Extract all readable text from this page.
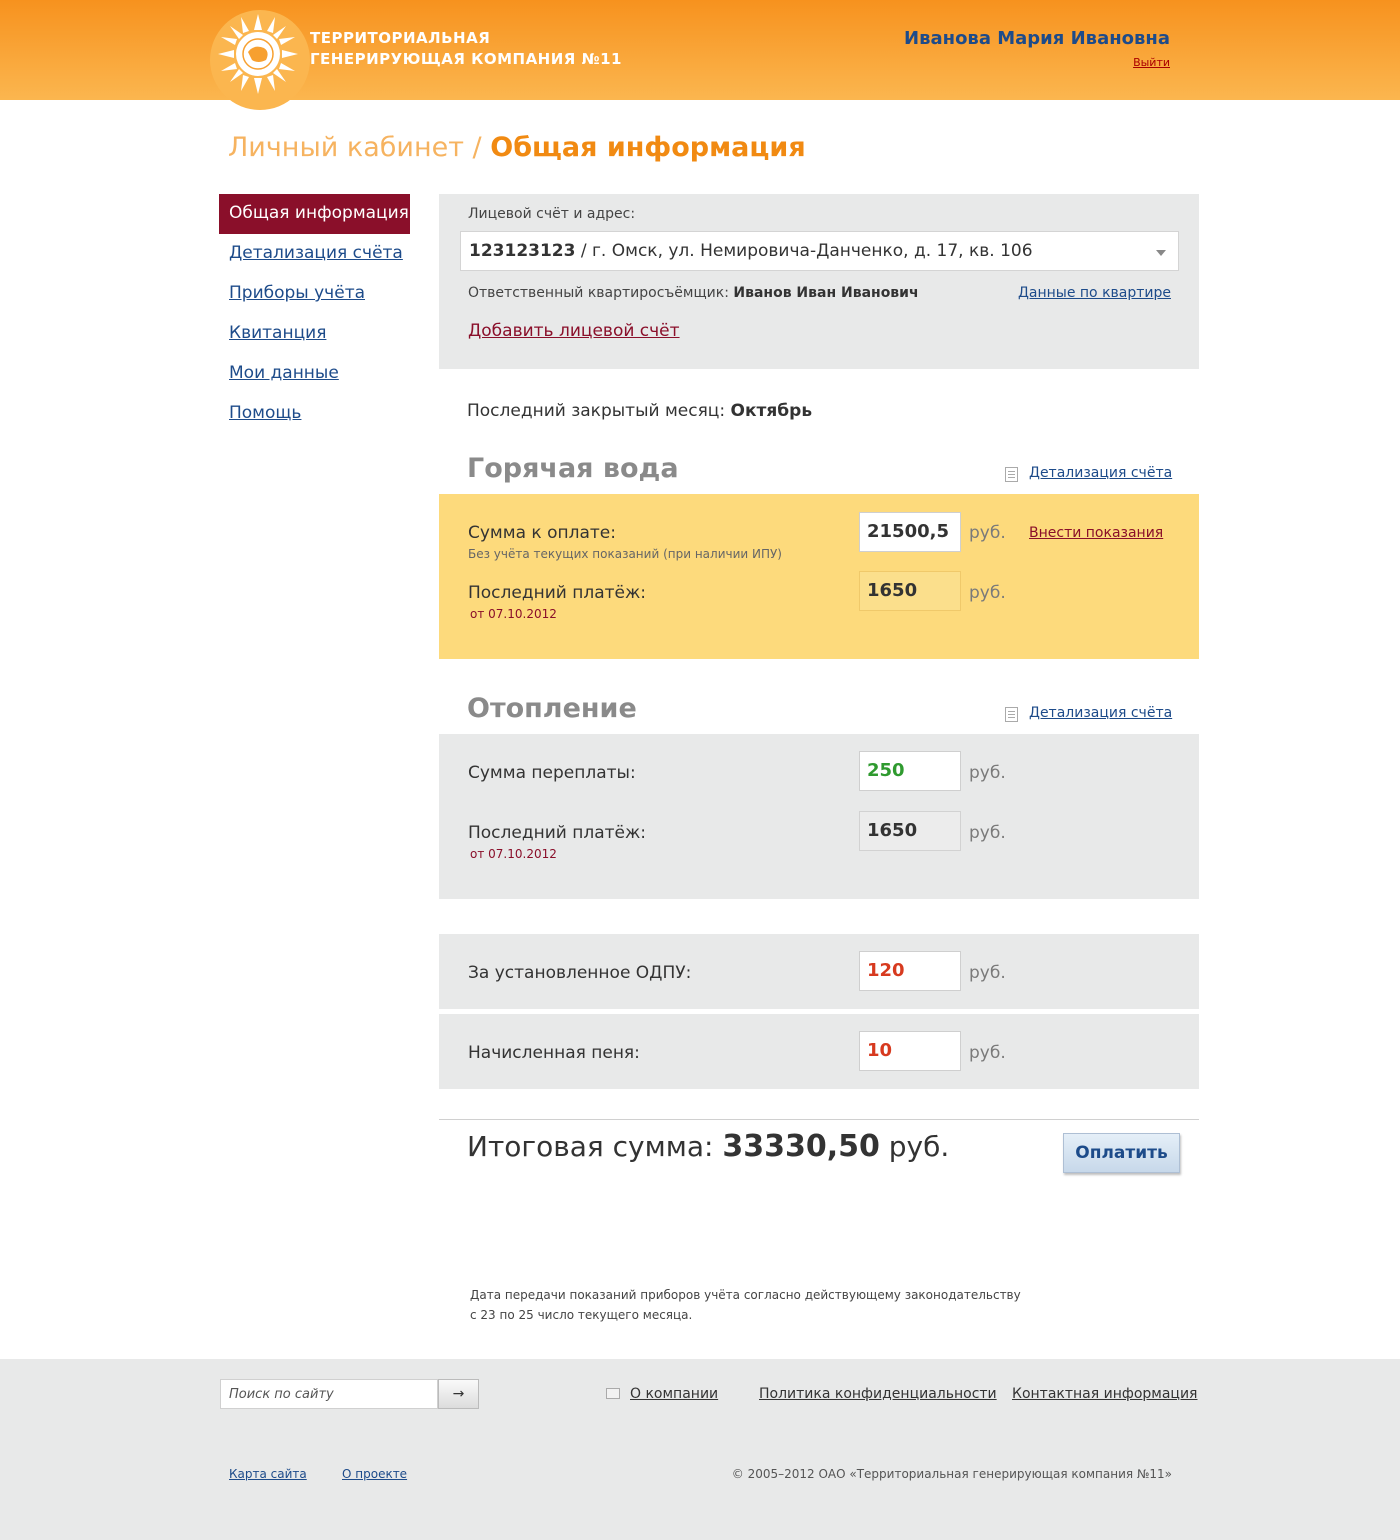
ТЕРРИТОРИАЛЬНАЯ
ГЕНЕРИРУЮЩАЯ КОМПАНИЯ №11
Иванова Мария Ивановна
Выйти
Личный кабинет / Общая информация
Общая информация
Детализация счёта
Приборы учёта
Квитанция
Мои данные
Помощь
Лицевой счёт и адрес:
123123123 / г. Омск, ул. Немировича-Данченко, д. 17, кв. 106
Ответственный квартиросъёмщик: Иванов Иван Иванович	Данные по квартире
Добавить лицевой счёт
Последний закрытый месяц: Октябрь
Горячая вода	Детализация счёта
Сумма к оплате:
Без учёта текущих показаний (при наличии ИПУ)
21500,5	руб. Внести показания
Последний платёж:
от 07.10.2012
1650	руб.
Отопление	Детализация счёта
Сумма переплаты:	250	руб.
Последний платёж:
от 07.10.2012
1650	руб.
За установленное ОДПУ:	120	руб.
Начисленная пеня:	10	руб.
Итоговая сумма: 33330,50 руб.	Оплатить
Дата передачи показаний приборов учёта согласно действующему законодательству
с 23 по 25 число текущего месяца.
Поиск по сайту
→	О компании	Политика конфиденциальности Контактная информация
Карта сайта	О проекте	© 2005–2012 ОАО «Территориальная генерирующая компания №11»
